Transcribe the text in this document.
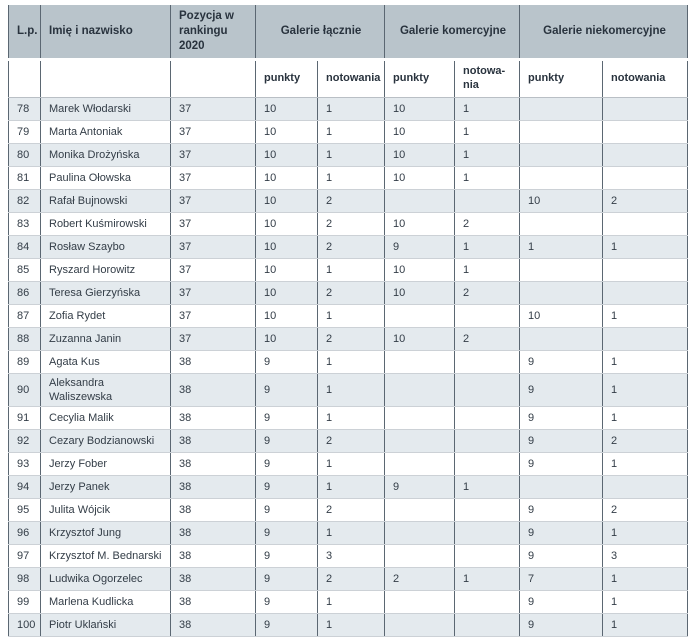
L.p.	Imię i nazwisko	Pozycja w rankingu 2020	Galerie łącznie		Galerie komercyjne		Galerie niekomercyjne	
			punkty	notowania	punkty	notowa-nia	punkty	notowania
78	Marek Włodarski	37	10	1	10	1		
79	Marta Antoniak	37	10	1	10	1		
80	Monika Drożyńska	37	10	1	10	1		
81	Paulina Ołowska	37	10	1	10	1		
82	Rafał Bujnowski	37	10	2			10	2
83	Robert Kuśmirowski	37	10	2	10	2		
84	Rosław Szaybo	37	10	2	9	1	1	1
85	Ryszard Horowitz	37	10	1	10	1		
86	Teresa Gierzyńska	37	10	2	10	2		
87	Zofia Rydet	37	10	1			10	1
88	Zuzanna Janin	37	10	2	10	2		
89	Agata Kus	38	9	1			9	1
90	Aleksandra Waliszewska	38	9	1			9	1
91	Cecylia Malik	38	9	1			9	1
92	Cezary Bodzianowski	38	9	2			9	2
93	Jerzy Fober	38	9	1			9	1
94	Jerzy Panek	38	9	1	9	1		
95	Julita Wójcik	38	9	2			9	2
96	Krzysztof Jung	38	9	1			9	1
97	Krzysztof M. Bednarski	38	9	3			9	3
98	Ludwika Ogorzelec	38	9	2	2	1	7	1
99	Marlena Kudlicka	38	9	1			9	1
100	Piotr Uklański	38	9	1			9	1
